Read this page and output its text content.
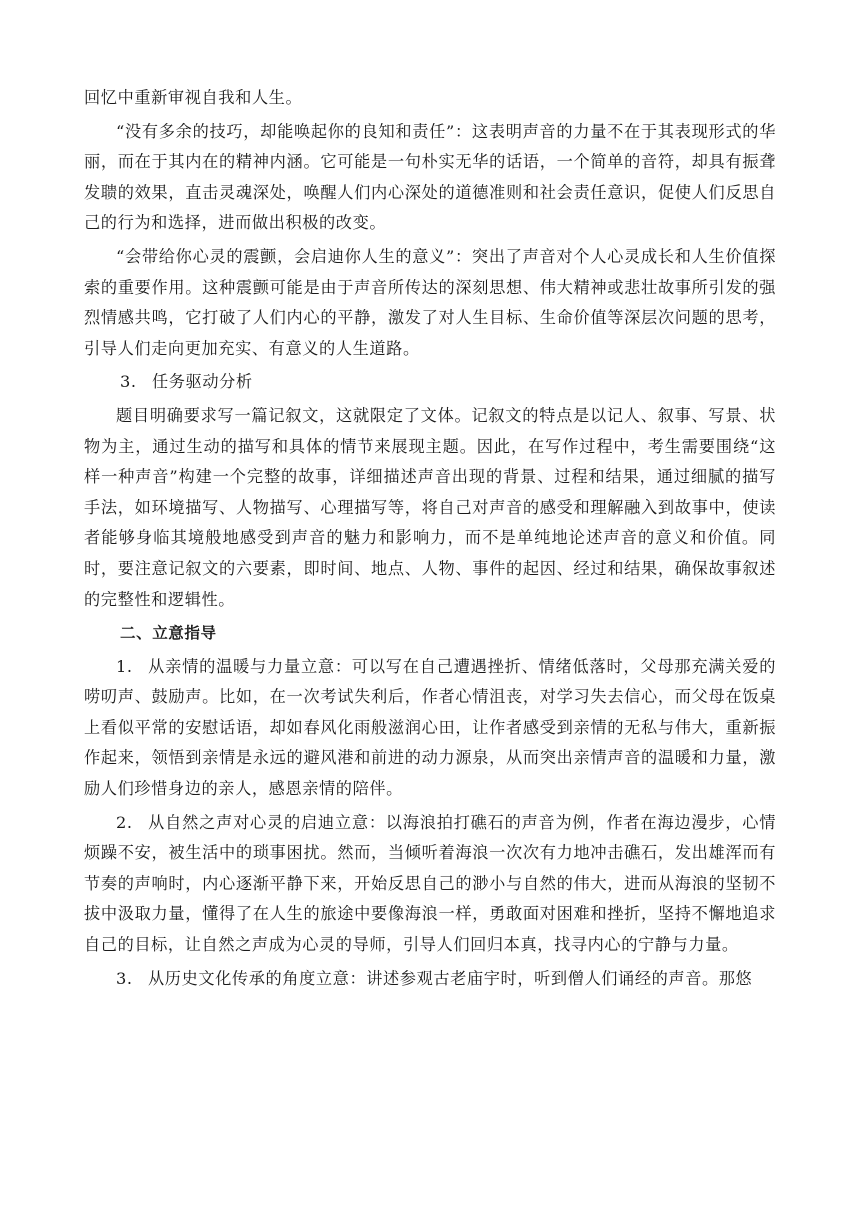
回忆中重新审视自我和人生。

“没有多余的技巧，却能唤起你的良知和责任”：这表明声音的力量不在于其表现形式的华丽，而在于其内在的精神内涵。它可能是一句朴实无华的话语，一个简单的音符，却具有振聋发聩的效果，直击灵魂深处，唤醒人们内心深处的道德准则和社会责任意识，促使人们反思自己的行为和选择，进而做出积极的改变。

“会带给你心灵的震颤，会启迪你人生的意义”：突出了声音对个人心灵成长和人生价值探索的重要作用。这种震颤可能是由于声音所传达的深刻思想、伟大精神或悲壮故事所引发的强烈情感共鸣，它打破了人们内心的平静，激发了对人生目标、生命价值等深层次问题的思考，引导人们走向更加充实、有意义的人生道路。

3. 任务驱动分析

题目明确要求写一篇记叙文，这就限定了文体。记叙文的特点是以记人、叙事、写景、状物为主，通过生动的描写和具体的情节来展现主题。因此，在写作过程中，考生需要围绕“这样一种声音”构建一个完整的故事，详细描述声音出现的背景、过程和结果，通过细腻的描写手法，如环境描写、人物描写、心理描写等，将自己对声音的感受和理解融入到故事中，使读者能够身临其境般地感受到声音的魅力和影响力，而不是单纯地论述声音的意义和价值。同时，要注意记叙文的六要素，即时间、地点、人物、事件的起因、经过和结果，确保故事叙述的完整性和逻辑性。

二、立意指导

1. 从亲情的温暖与力量立意：可以写在自己遭遇挫折、情绪低落时，父母那充满关爱的唠叨声、鼓励声。比如，在一次考试失利后，作者心情沮丧，对学习失去信心，而父母在饭桌上看似平常的安慰话语，却如春风化雨般滋润心田，让作者感受到亲情的无私与伟大，重新振作起来，领悟到亲情是永远的避风港和前进的动力源泉，从而突出亲情声音的温暖和力量，激励人们珍惜身边的亲人，感恩亲情的陪伴。

2. 从自然之声对心灵的启迪立意：以海浪拍打礁石的声音为例，作者在海边漫步，心情烦躁不安，被生活中的琐事困扰。然而，当倾听着海浪一次次有力地冲击礁石，发出雄浑而有节奏的声响时，内心逐渐平静下来，开始反思自己的渺小与自然的伟大，进而从海浪的坚韧不拔中汲取力量，懂得了在人生的旅途中要像海浪一样，勇敢面对困难和挫折，坚持不懈地追求自己的目标，让自然之声成为心灵的导师，引导人们回归本真，找寻内心的宁静与力量。

3. 从历史文化传承的角度立意：讲述参观古老庙宇时，听到僧人们诵经的声音。那悠
